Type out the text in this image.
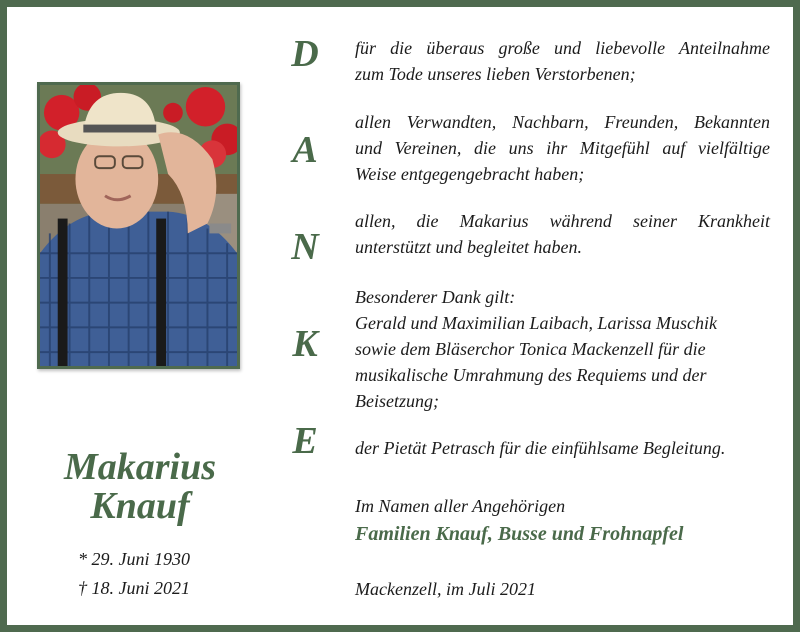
Makarius
Knauf
* 29. Juni 1930
† 18. Juni 2021
D
A
N
K
E
für die überaus große und liebevolle Anteilnahme
zum Tode unseres lieben Verstorbenen;
allen Verwandten, Nachbarn, Freunden, Bekannten
und Vereinen, die uns ihr Mitgefühl auf vielfältige
Weise entgegengebracht haben;
allen, die Makarius während seiner Krankheit
unterstützt und begleitet haben.
Besonderer Dank gilt:
Gerald und Maximilian Laibach, Larissa Muschik
sowie dem Bläserchor Tonica Mackenzell für die
musikalische Umrahmung des Requiems und der
Beisetzung;
der Pietät Petrasch für die einfühlsame Begleitung.
Im Namen aller Angehörigen
Familien Knauf, Busse und Frohnapfel
Mackenzell, im Juli 2021
